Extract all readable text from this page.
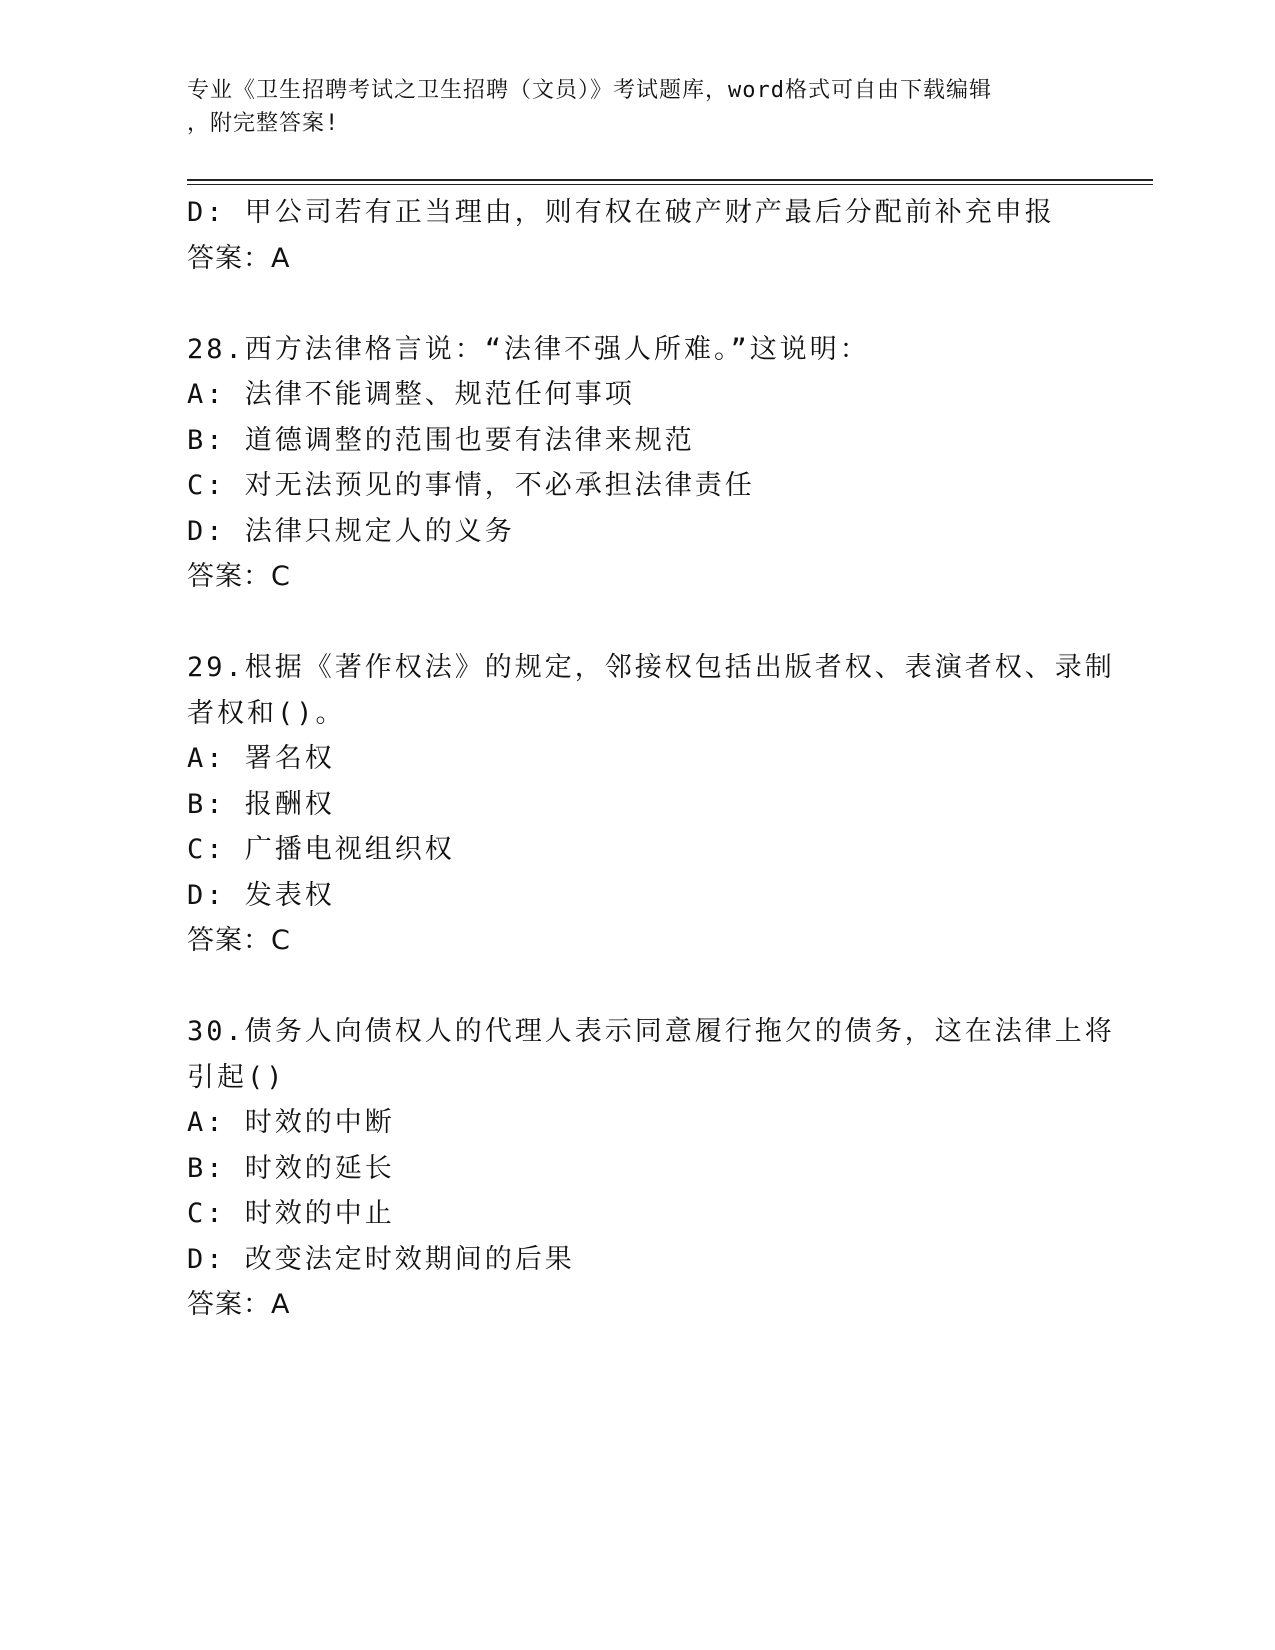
专业《卫生招聘考试之卫生招聘（文员）》考试题库，word格式可自由下载编辑
，附完整答案!
D: 甲公司若有正当理由，则有权在破产财产最后分配前补充申报
答案：A
28.西方法律格言说：“法律不强人所难。”这说明：
A: 法律不能调整、规范任何事项
B: 道德调整的范围也要有法律来规范
C: 对无法预见的事情，不必承担法律责任
D: 法律只规定人的义务
答案：C
29.根据《著作权法》的规定，邻接权包括出版者权、表演者权、录制
者权和()。
A: 署名权
B: 报酬权
C: 广播电视组织权
D: 发表权
答案：C
30.债务人向债权人的代理人表示同意履行拖欠的债务，这在法律上将
引起()
A: 时效的中断
B: 时效的延长
C: 时效的中止
D: 改变法定时效期间的后果
答案：A
